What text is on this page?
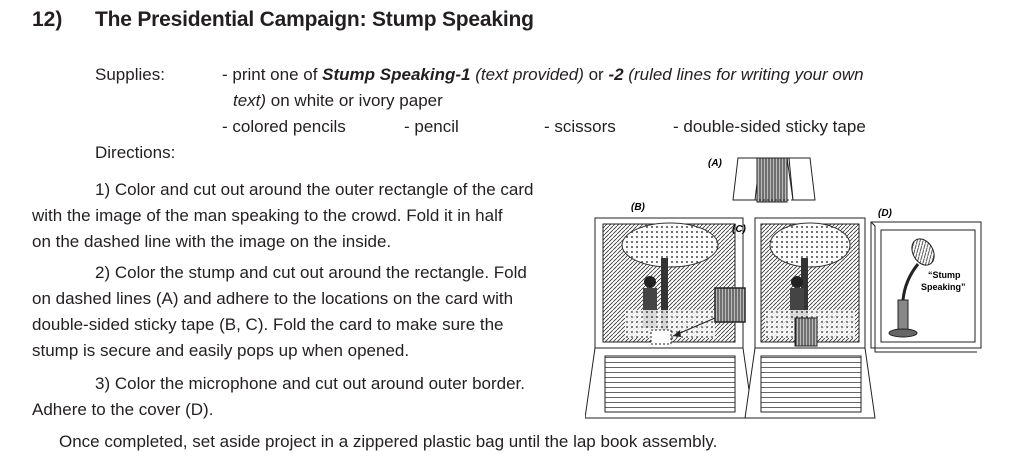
12) The Presidential Campaign: Stump Speaking
Supplies:	- print one of Stump Speaking-1 (text provided) or -2 (ruled lines for writing your own
text) on white or ivory paper
- colored pencils	- pencil	- scissors	- double-sided sticky tape
Directions:
1) Color and cut out around the outer rectangle of the card
with the image of the man speaking to the crowd. Fold it in half
on the dashed line with the image on the inside.
2) Color the stump and cut out around the rectangle. Fold
on dashed lines (A) and adhere to the locations on the card with
double-sided sticky tape (B, C). Fold the card to make sure the
stump is secure and easily pops up when opened.
3) Color the microphone and cut out around outer border.
Adhere to the cover (D).
Once completed, set aside project in a zippered plastic bag until the lap book assembly.
(A)
(B)
(C)
(D)
“Stump
Speaking”
